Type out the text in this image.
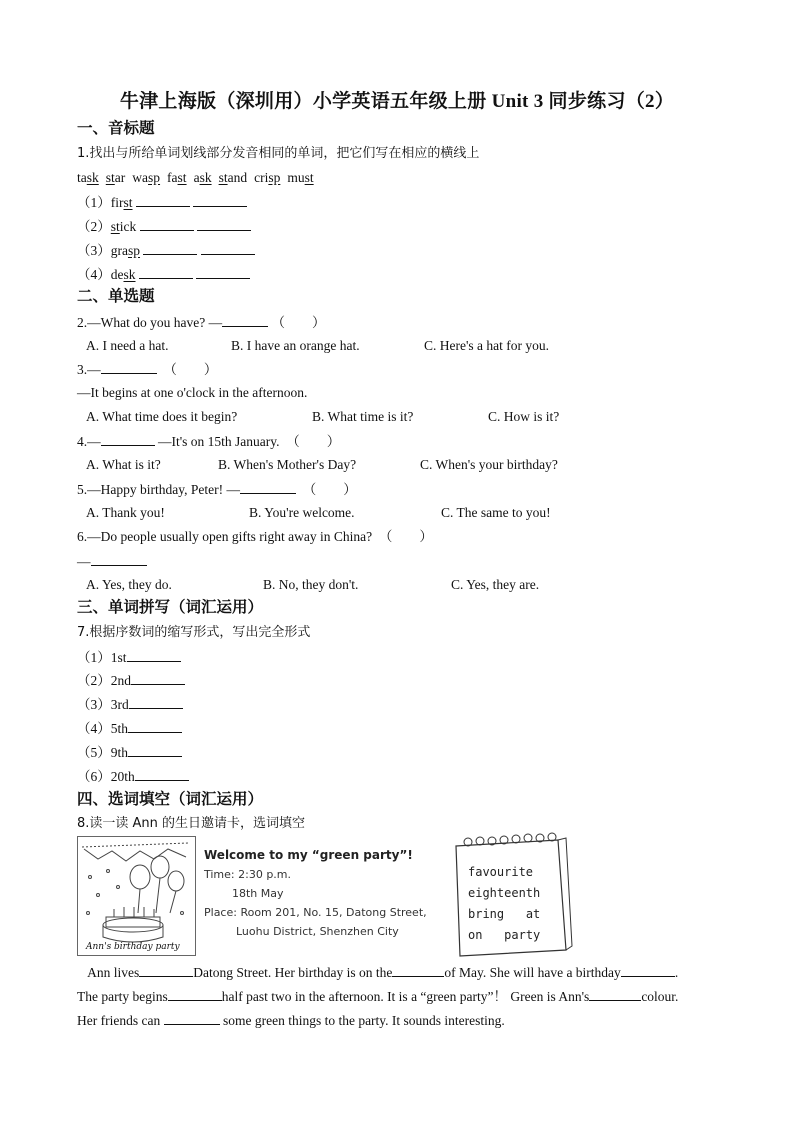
牛津上海版（深圳用）小学英语五年级上册 Unit 3 同步练习（2）
一、音标题
1.找出与所给单词划线部分发音相同的单词，把它们写在相应的横线上
task star wasp fast ask stand crisp must
（1）first
（2）stick
（3）grasp
（4）desk
二、单选题
2.—What do you have? —	（　　）
A. I need a hat.	B. I have an orange hat.	C. Here's a hat for you.
3.—	（　　）
—It begins at one o'clock in the afternoon.
A. What time does it begin?	B. What time is it?	C. How is it?
4.—	—It's on 15th January. （　　）
A. What is it?	B. When's Mother's Day?	C. When's your birthday?
5.—Happy birthday, Peter! —	（　　）
A. Thank you!	B. You're welcome.	C. The same to you!
6.—Do people usually open gifts right away in China? （　　）
—
A. Yes, they do.	B. No, they don't.	C. Yes, they are.
三、单词拼写（词汇运用）
7.根据序数词的缩写形式，写出完全形式
（1）1st
（2）2nd
（3）3rd
（4）5th
（5）9th
（6）20th
四、选词填空（词汇运用）
8.读一读 Ann 的生日邀请卡，选词填空
Ann's birthday party
Welcome to my “green party”!
Time: 2:30 p.m.
18th May
Place: Room 201, No. 15, Datong Street,
Luohu District, Shenzhen City
favourite
eighteenth
bring at
on party
Ann lives	Datong Street. Her birthday is on the	of May. She will have a birthday	.
The party begins	half past two in the afternoon. It is a “green party”！ Green is Ann's	colour.
Her friends can	some green things to the party. It sounds interesting.
